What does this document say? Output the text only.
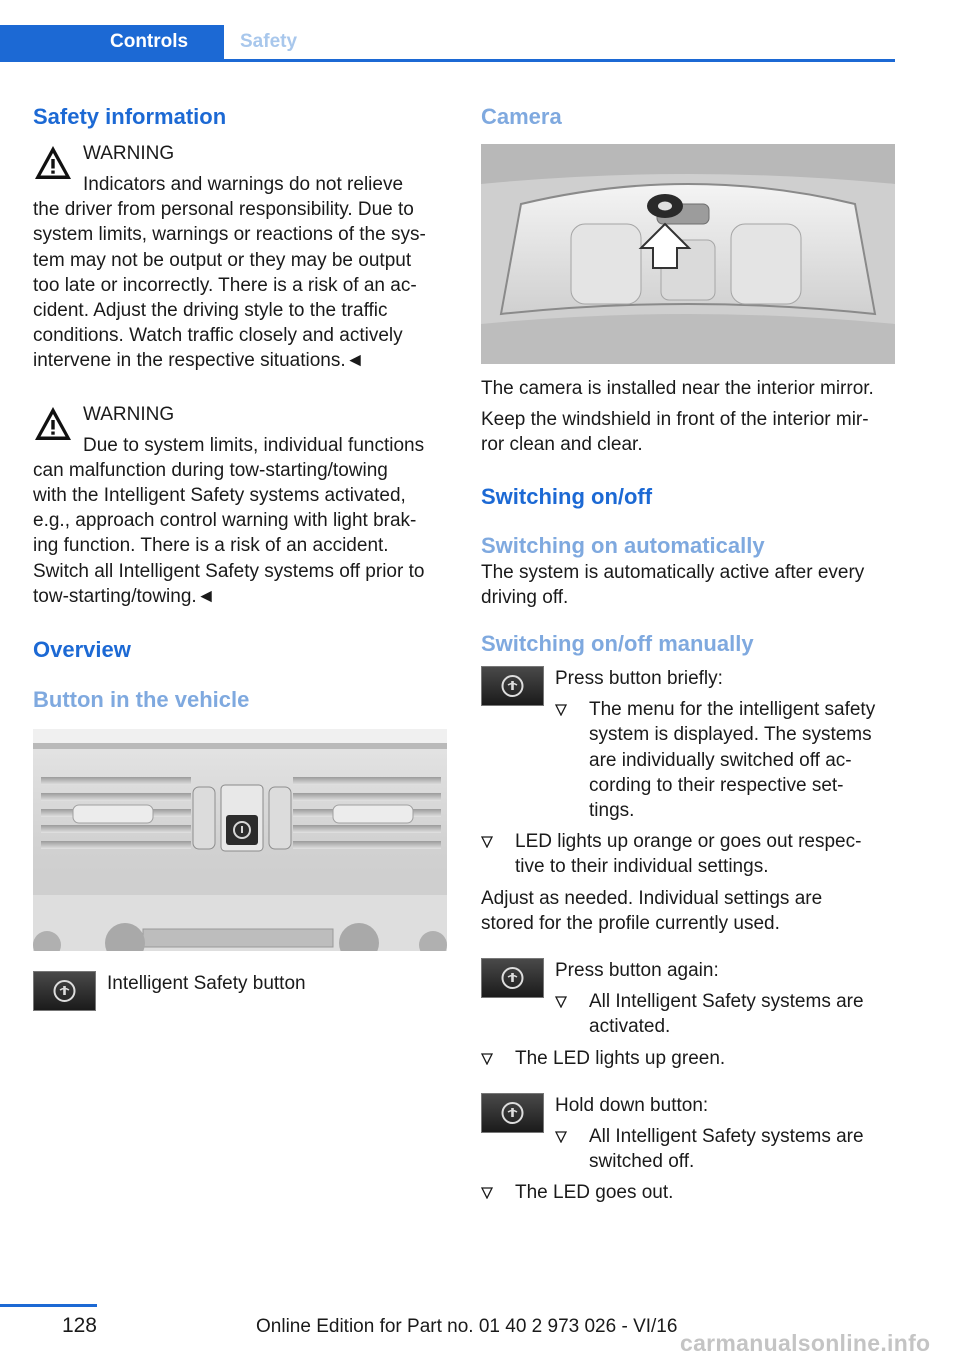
Controls	Safety
Safety information
WARNING
Indicators and warnings do not relieve
the driver from personal responsibility. Due to
system limits, warnings or reactions of the sys-
tem may not be output or they may be output
too late or incorrectly. There is a risk of an ac-
cident. Adjust the driving style to the traffic
conditions. Watch traffic closely and actively
intervene in the respective situations.◄
WARNING
Due to system limits, individual functions
can malfunction during tow-starting/towing
with the Intelligent Safety systems activated,
e.g., approach control warning with light brak-
ing function. There is a risk of an accident.
Switch all Intelligent Safety systems off prior to
tow-starting/towing.◄
Overview
Button in the vehicle
Intelligent Safety button
Camera
The camera is installed near the interior mirror.
Keep the windshield in front of the interior mir-
ror clean and clear.
Switching on/off
Switching on automatically
The system is automatically active after every
driving off.
Switching on/off manually
Press button briefly:
The menu for the intelligent safety
system is displayed. The systems
are individually switched off ac-
cording to their respective set-
tings.
LED lights up orange or goes out respec-
tive to their individual settings.
Adjust as needed. Individual settings are
stored for the profile currently used.
Press button again:
All Intelligent Safety systems are
activated.
The LED lights up green.
Hold down button:
All Intelligent Safety systems are
switched off.
The LED goes out.
128	Online Edition for Part no. 01 40 2 973 026 - VI/16
carmanualsonline.info
